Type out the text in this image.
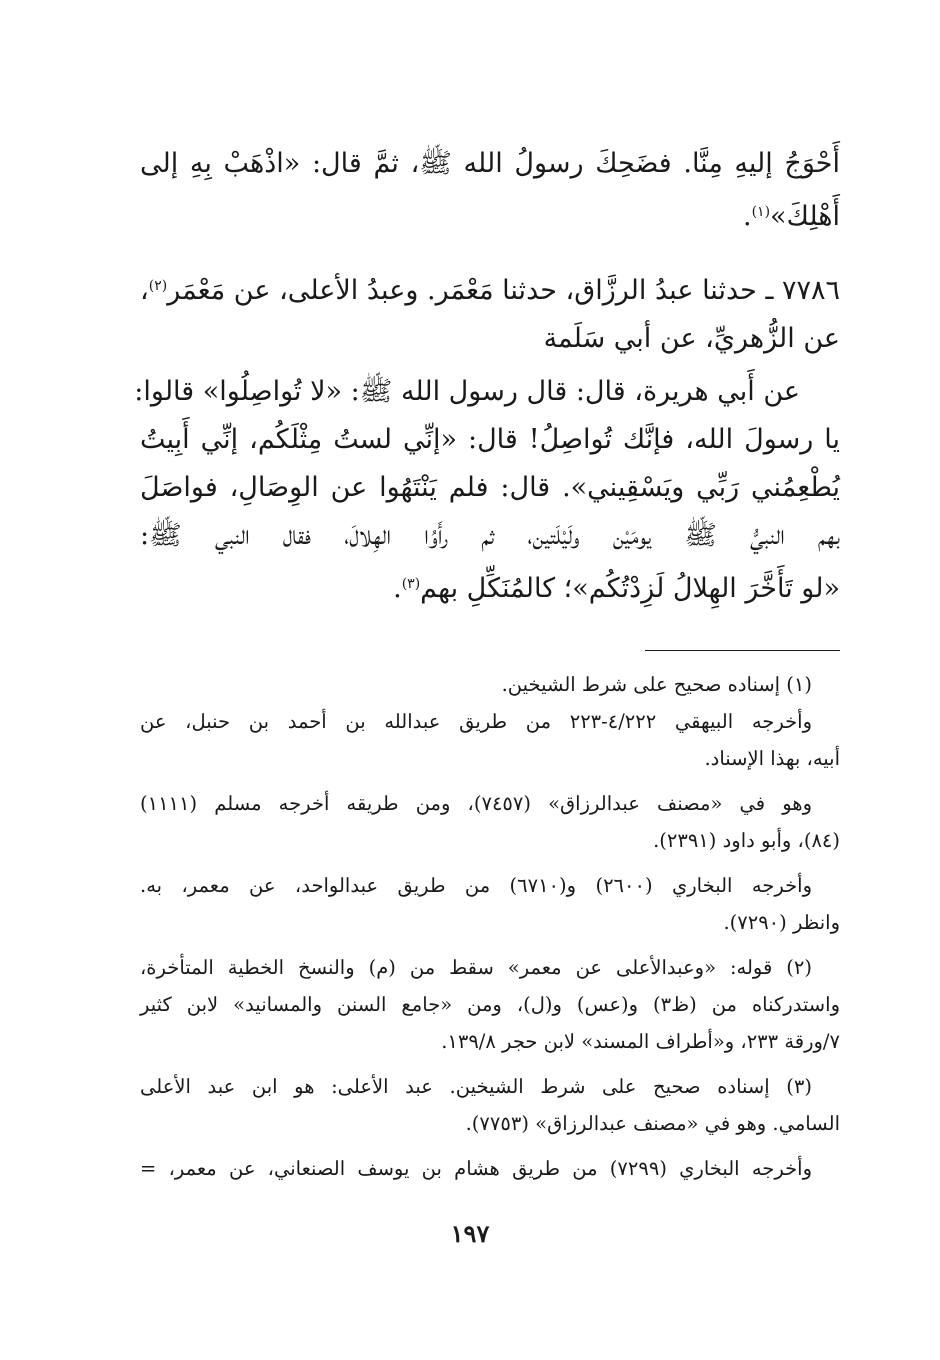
أَحْوَجُ إليهِ مِنَّا. فضَحِكَ رسولُ الله ﷺ، ثمَّ قال: «اذْهَبْ بِهِ إلى
أَهْلِكَ»$^{(١)}$.

٧٧٨٦ ـ حدثنا عبدُ الرزَّاق، حدثنا مَعْمَر. وعبدُ الأعلى، عن مَعْمَر$^{(٢)}$،
عن الزُّهريِّ، عن أبي سَلَمة

عن أَبي هريرة، قال: قال رسول الله ﷺ: «لا تُواصِلُوا» قالوا:
يا رسولَ الله، فإنَّك تُواصِلُ! قال: «إنِّي لستُ مِثْلَكُم، إنِّي أَبِيتُ
يُطْعِمُني رَبِّي ويَسْقِيني». قال: فلم يَنْتَهُوا عن الوِصَالِ، فواصَلَ
بهم النبيُّ ﷺ يومَيْن ولَيْلَتين، ثم رأَوُا الهِلالَ، فقال النبي ﷺ:
«لو تَأَخَّرَ الهِلالُ لَزِدْتُكُم»؛ كالمُنَكِّلِ بهم$^{(٣)}$.

(١) إسناده صحيح على شرط الشيخين.
وأخرجه البيهقي ٤/٢٢٢-٢٢٣ من طريق عبدالله بن أحمد بن حنبل، عن
أبيه، بهذا الإسناد.
وهو في «مصنف عبدالرزاق» (٧٤٥٧)، ومن طريقه أخرجه مسلم (١١١١)
(٨٤)، وأبو داود (٢٣٩١).
وأخرجه البخاري (٢٦٠٠) و(٦٧١٠) من طريق عبدالواحد، عن معمر، به.
وانظر (٧٢٩٠).
(٢) قوله: «وعبدالأعلى عن معمر» سقط من (م) والنسخ الخطية المتأخرة،
واستدركناه من (ظ٣) و(عس) و(ل)، ومن «جامع السنن والمسانيد» لابن كثير
٧/ورقة ٢٣٣، و«أطراف المسند» لابن حجر ١٣٩/٨.
(٣) إسناده صحيح على شرط الشيخين. عبد الأعلى: هو ابن عبد الأعلى
السامي. وهو في «مصنف عبدالرزاق» (٧٧٥٣).
وأخرجه البخاري (٧٢٩٩) من طريق هشام بن يوسف الصنعاني، عن معمر، =
١٩٧
